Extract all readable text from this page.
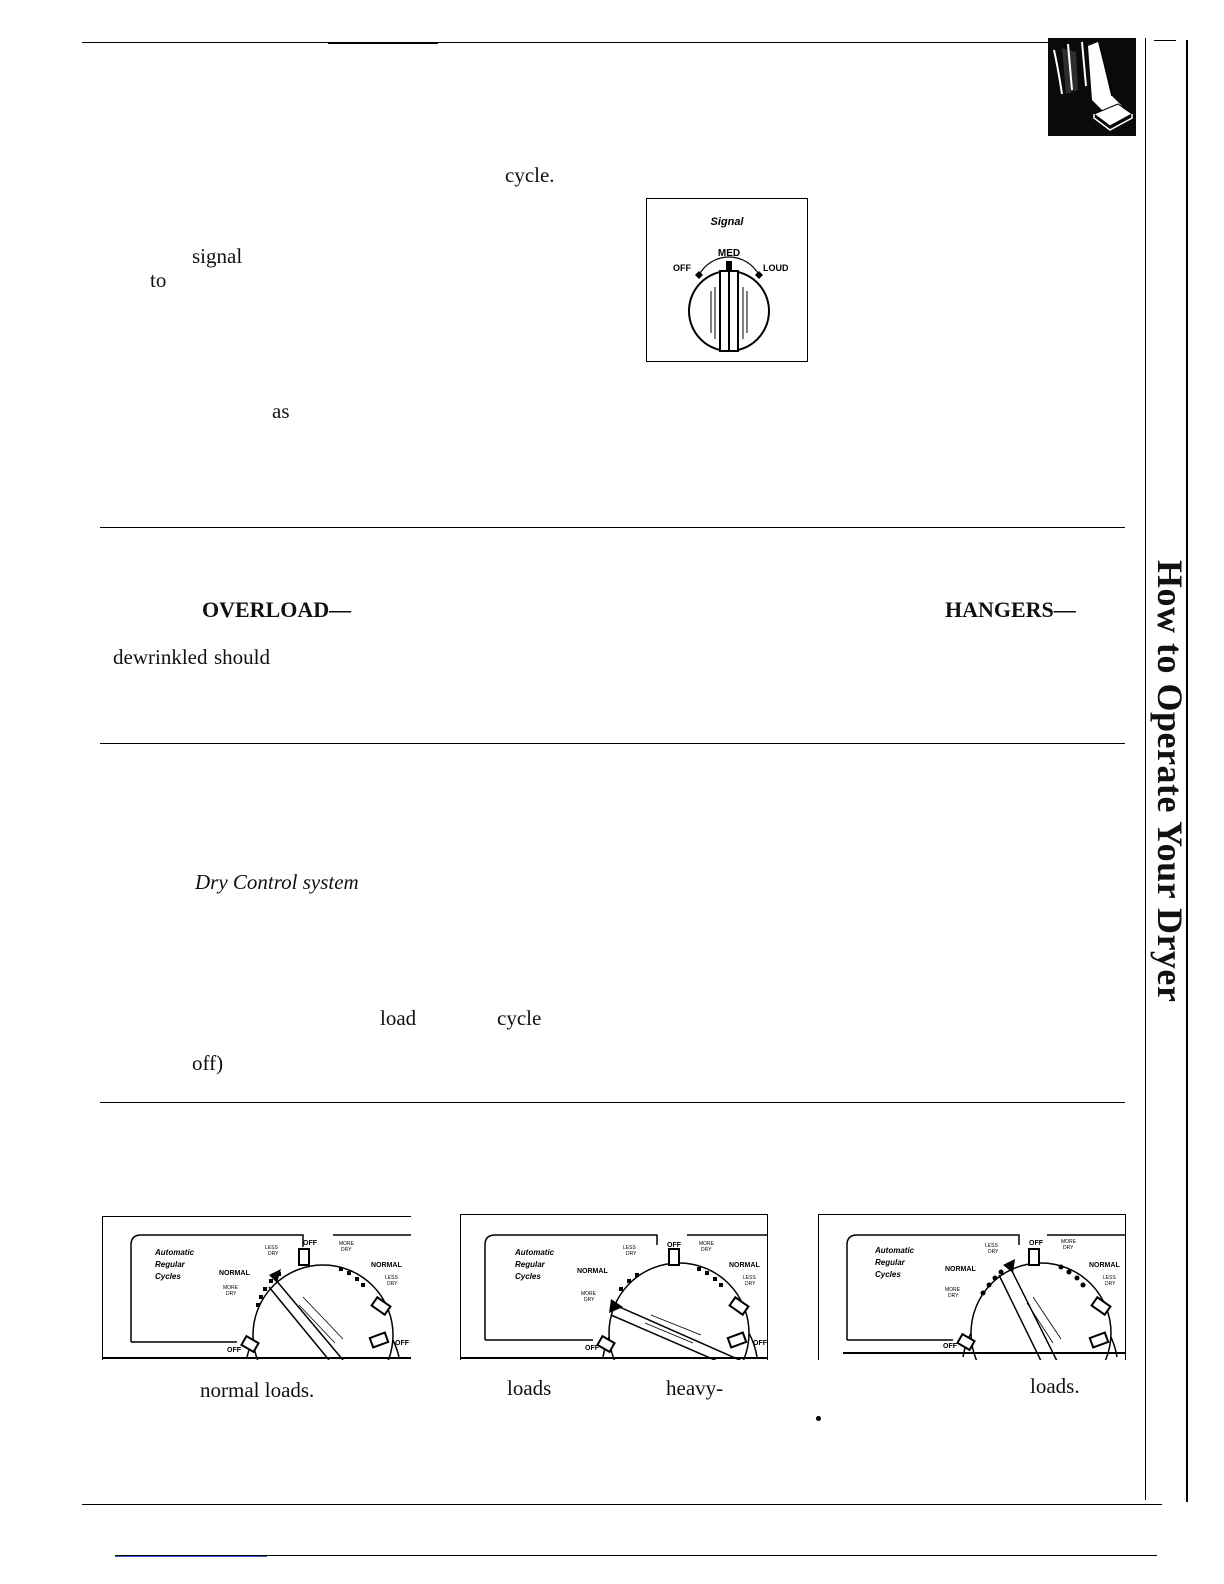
cycle.
signal
to
as
Signal
MED
OFF	LOUD
OVERLOAD—	HANGERS—
dewrinkled should
Dry Control system
load	cycle
off)
Automatic
Regular
Cycles
LESS
DRY
NORMAL
MORE
DRY
OFF	MORE
DRY
NORMAL
LESS
DRY
OFF
OFF
Automatic
Regular
Cycles
LESS
DRY
NORMAL
MORE
DRY
OFF	MORE
DRY
NORMAL
LESS
DRY
OFF
OFF
Automatic
Regular
Cycles
LESS
DRY
NORMAL
MORE
DRY
OFF	MORE
DRY
NORMAL
LESS
DRY
OFF
normal loads.	loads	heavy-	loads.
How to Operate Your Dryer
